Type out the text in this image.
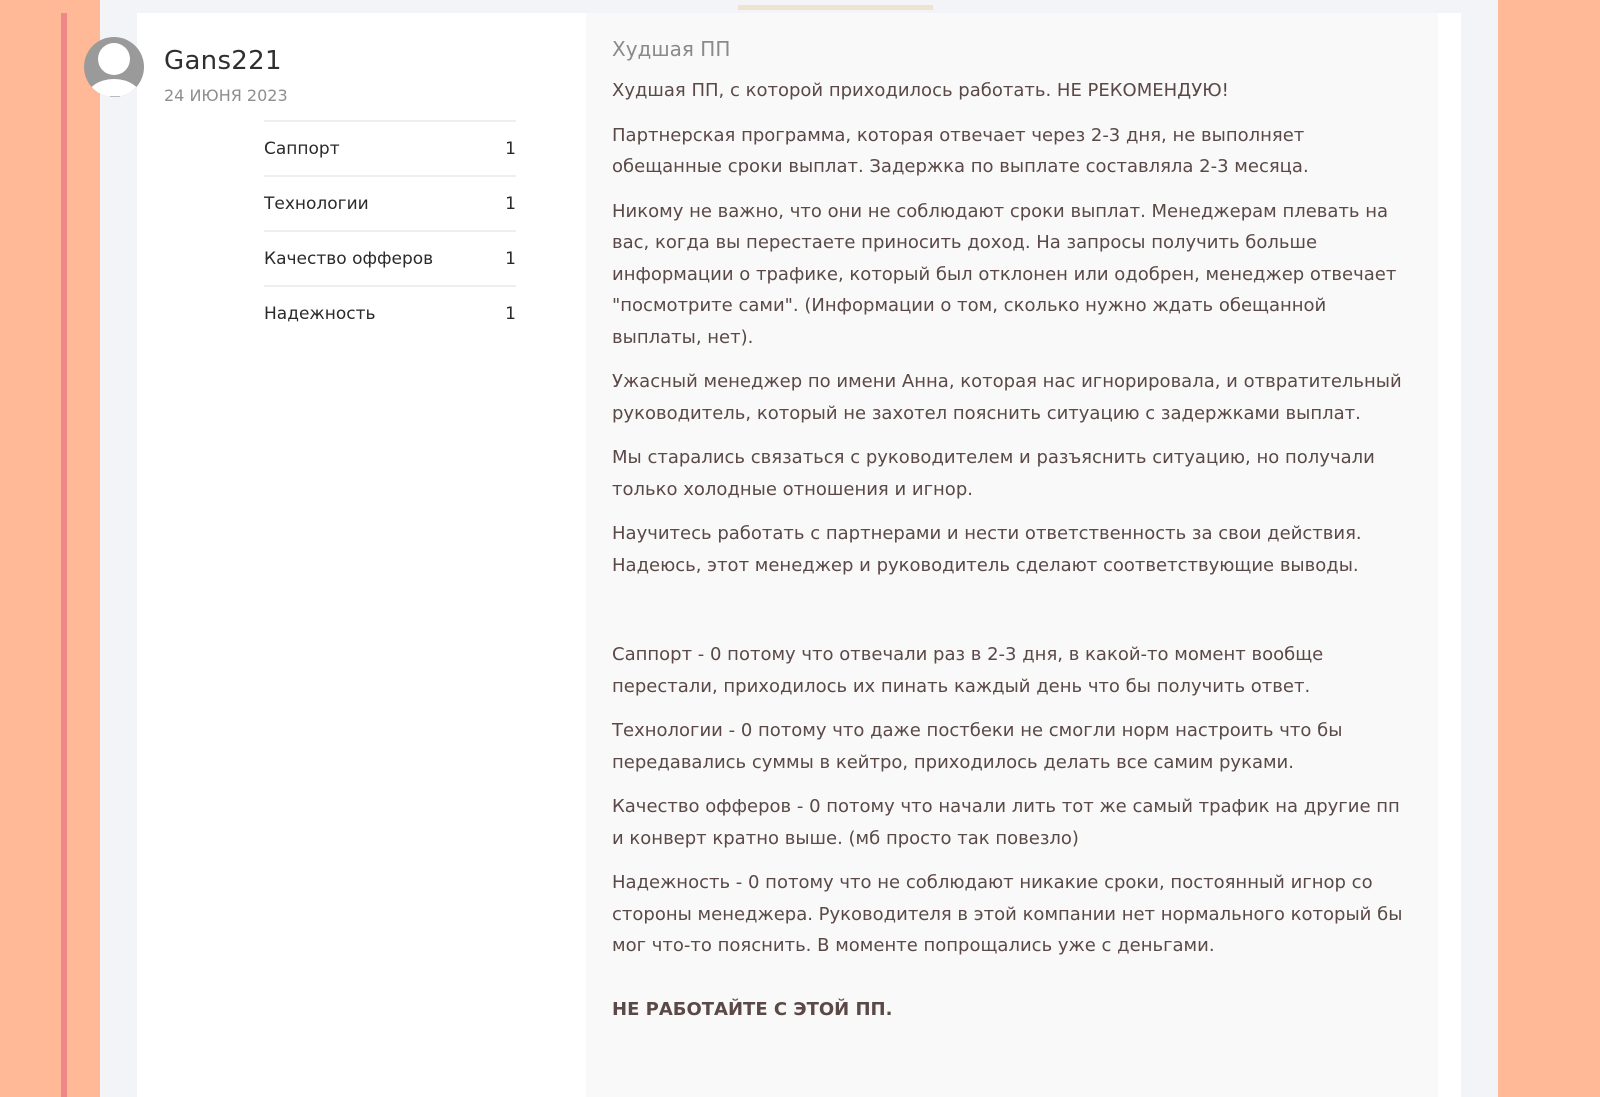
Gans221
24 ИЮНЯ 2023
Саппорт	1
Технологии	1
Качество офферов	1
Надежность	1
Худшая ПП

Худшая ПП, с которой приходилось работать. НЕ РЕКОМЕНДУЮ!

Партнерская программа, которая отвечает через 2-3 дня, не выполняет обещанные сроки выплат. Задержка по выплате составляла 2-3 месяца.

Никому не важно, что они не соблюдают сроки выплат. Менеджерам плевать на вас, когда вы перестаете приносить доход. На запросы получить больше информации о трафике, который был отклонен или одобрен, менеджер отвечает "посмотрите сами". (Информации о том, сколько нужно ждать обещанной выплаты, нет).

Ужасный менеджер по имени Анна, которая нас игнорировала, и отвратительный руководитель, который не захотел пояснить ситуацию с задержками выплат.

Мы старались связаться с руководителем и разъяснить ситуацию, но получали только холодные отношения и игнор.

Научитесь работать с партнерами и нести ответственность за свои действия. Надеюсь, этот менеджер и руководитель сделают соответствующие выводы.

Саппорт - 0 потому что отвечали раз в 2-3 дня, в какой-то момент вообще перестали, приходилось их пинать каждый день что бы получить ответ.

Технологии - 0 потому что даже постбеки не смогли норм настроить что бы передавались суммы в кейтро, приходилось делать все самим руками.

Качество офферов - 0 потому что начали лить тот же самый трафик на другие пп и конверт кратно выше. (мб просто так повезло)

Надежность - 0 потому что не соблюдают никакие сроки, постоянный игнор со стороны менеджера. Руководителя в этой компании нет нормального который бы мог что-то пояснить. В моменте попрощались уже с деньгами.

НЕ РАБОТАЙТЕ С ЭТОЙ ПП.
